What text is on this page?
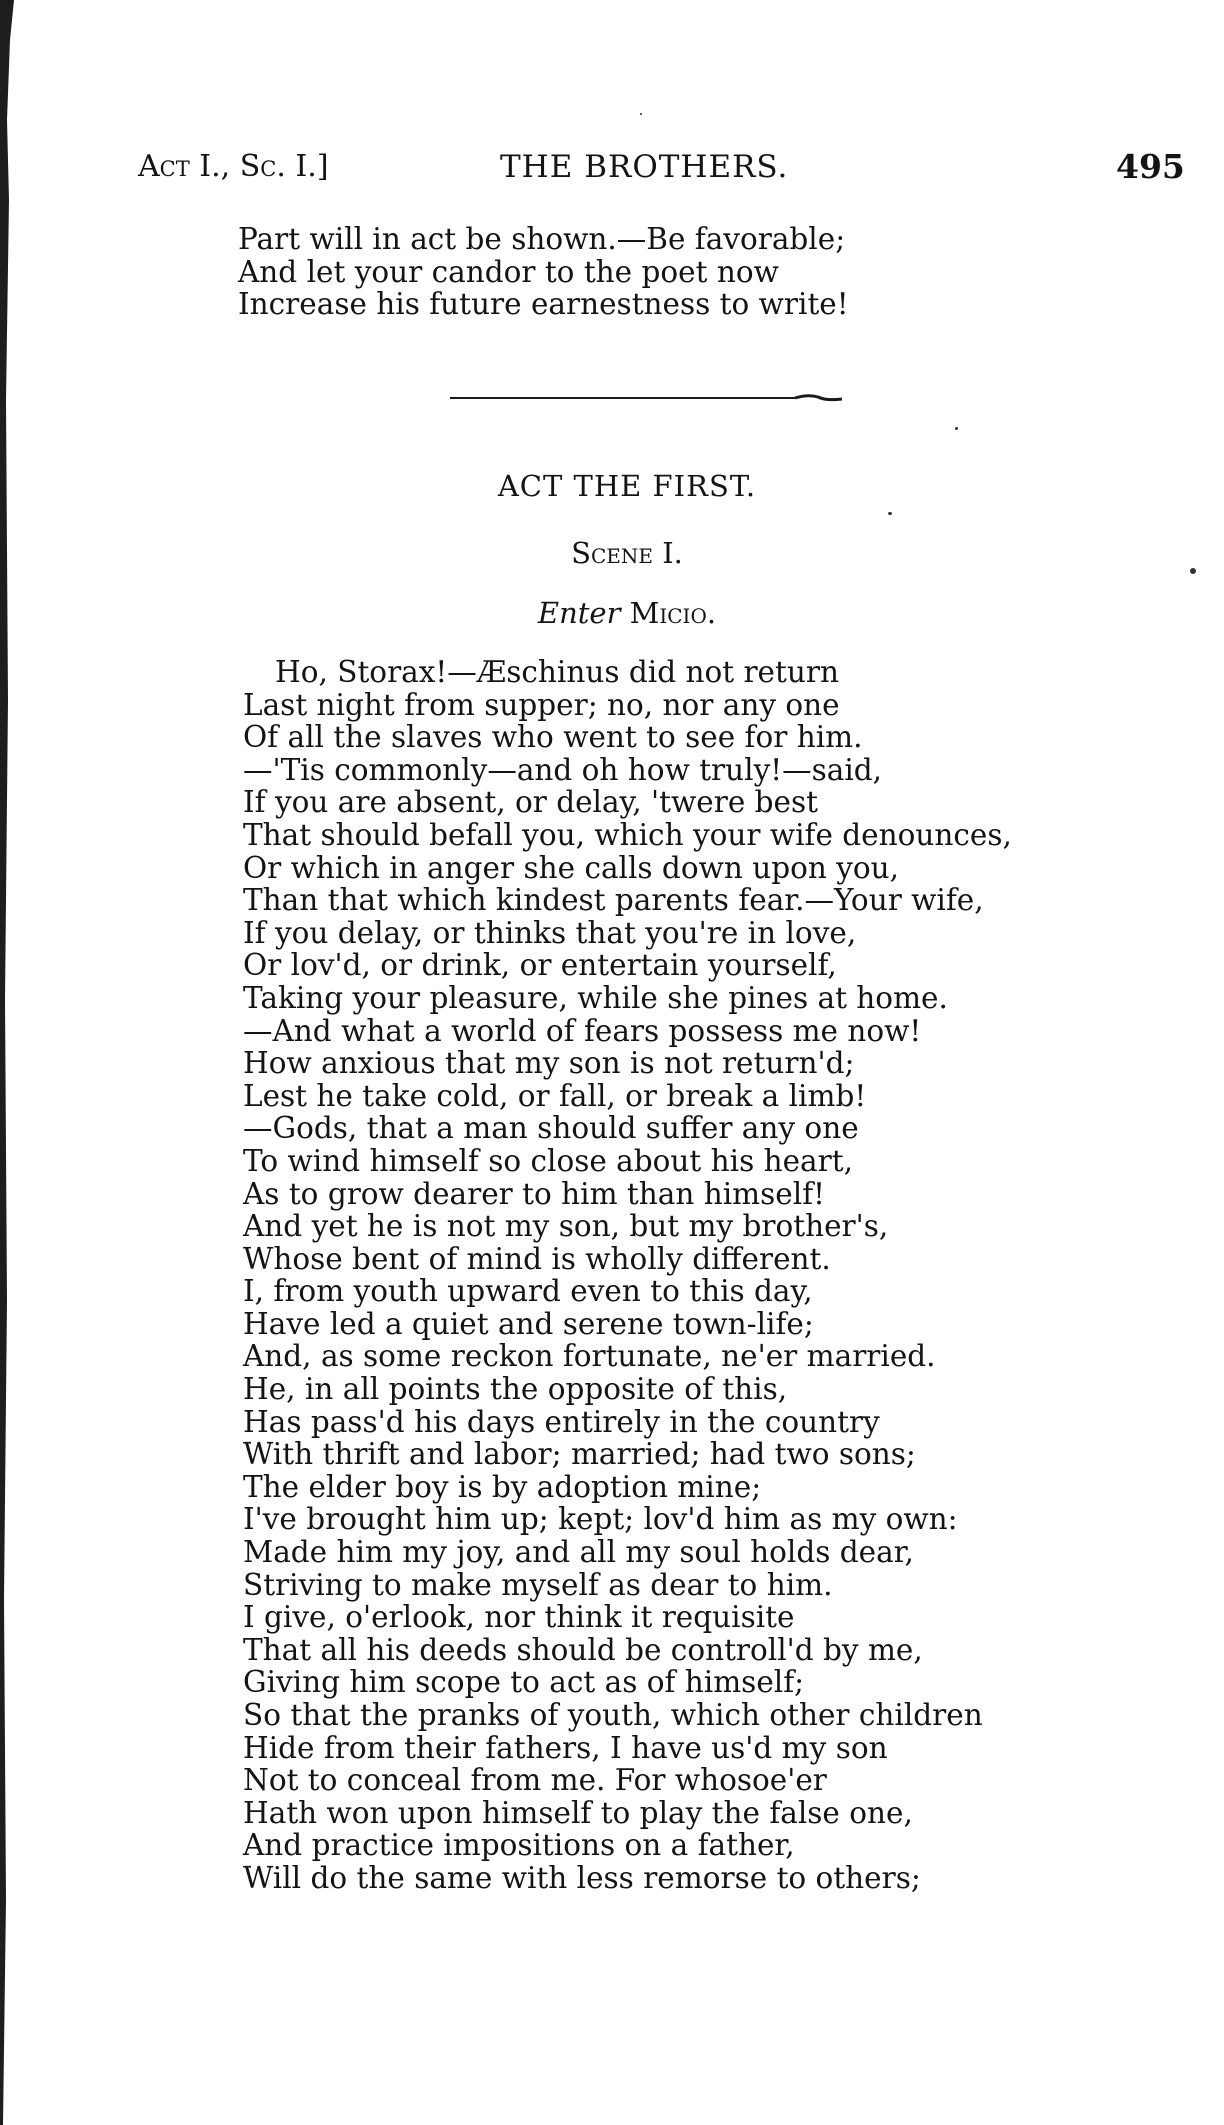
Act I., Sc. I.]	THE BROTHERS.	495
Part will in act be shown.—Be favorable;
And let your candor to the poet now
Increase his future earnestness to write!
ACT THE FIRST.
Scene I.
Enter Micio.
Ho, Storax!—Æschinus did not return
Last night from supper; no, nor any one
Of all the slaves who went to see for him.
—'Tis commonly—and oh how truly!—said,
If you are absent, or delay, 'twere best
That should befall you, which your wife denounces,
Or which in anger she calls down upon you,
Than that which kindest parents fear.—Your wife,
If you delay, or thinks that you're in love,
Or lov'd, or drink, or entertain yourself,
Taking your pleasure, while she pines at home.
—And what a world of fears possess me now!
How anxious that my son is not return'd;
Lest he take cold, or fall, or break a limb!
—Gods, that a man should suffer any one
To wind himself so close about his heart,
As to grow dearer to him than himself!
And yet he is not my son, but my brother's,
Whose bent of mind is wholly different.
I, from youth upward even to this day,
Have led a quiet and serene town-life;
And, as some reckon fortunate, ne'er married.
He, in all points the opposite of this,
Has pass'd his days entirely in the country
With thrift and labor; married; had two sons;
The elder boy is by adoption mine;
I've brought him up; kept; lov'd him as my own:
Made him my joy, and all my soul holds dear,
Striving to make myself as dear to him.
I give, o'erlook, nor think it requisite
That all his deeds should be controll'd by me,
Giving him scope to act as of himself;
So that the pranks of youth, which other children
Hide from their fathers, I have us'd my son
Not to conceal from me. For whosoe'er
Hath won upon himself to play the false one,
And practice impositions on a father,
Will do the same with less remorse to others;
